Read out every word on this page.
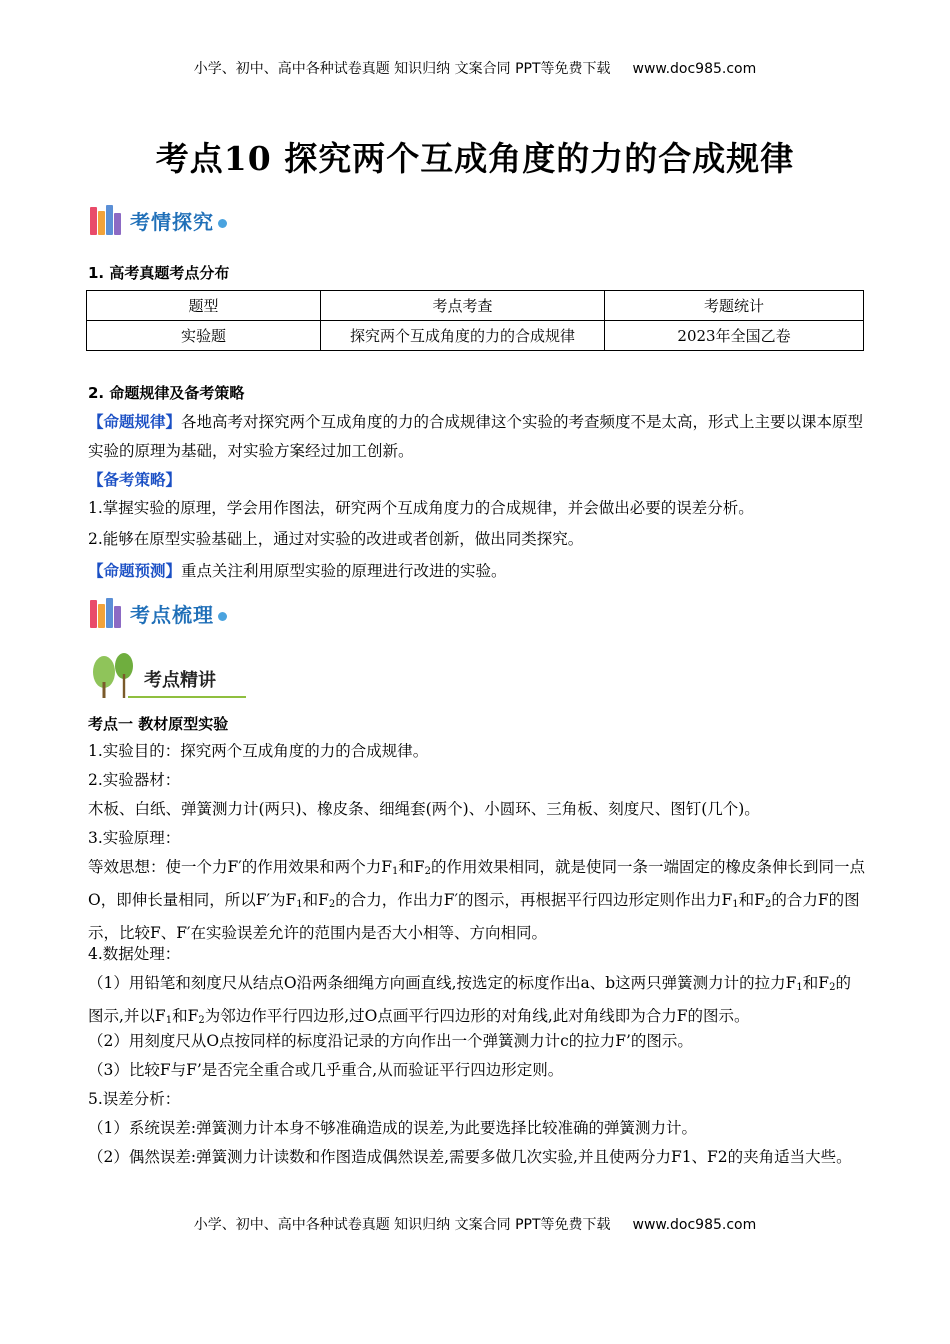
小学、初中、高中各种试卷真题 知识归纳 文案合同 PPT等免费下载 www.doc985.com
考点10 探究两个互成角度的力的合成规律
考情探究
1. 高考真题考点分布
题型	考点考查	考题统计
实验题	探究两个互成角度的力的合成规律	2023年全国乙卷
2. 命题规律及备考策略
【命题规律】各地高考对探究两个互成角度的力的合成规律这个实验的考查频度不是太高，形式上主要以课本原型实验的原理为基础，对实验方案经过加工创新。
【备考策略】
1.掌握实验的原理，学会用作图法，研究两个互成角度力的合成规律，并会做出必要的误差分析。
2.能够在原型实验基础上，通过对实验的改进或者创新，做出同类探究。
【命题预测】重点关注利用原型实验的原理进行改进的实验。
考点梳理
考点精讲
考点一 教材原型实验
1.实验目的：探究两个互成角度的力的合成规律。
2.实验器材：
木板、白纸、弹簧测力计(两只)、橡皮条、细绳套(两个)、小圆环、三角板、刻度尺、图钉(几个)。
3.实验原理：
等效思想：使一个力F′的作用效果和两个力$F_1$和$F_2$的作用效果相同，就是使同一条一端固定的橡皮条伸长到同一点O，即伸长量相同，所以F′为$F_1$和$F_2$的合力，作出力F′的图示，再根据平行四边形定则作出力$F_1$和$F_2$的合力F的图示，比较F、F′在实验误差允许的范围内是否大小相等、方向相同。
4.数据处理：
（1）用铅笔和刻度尺从结点O沿两条细绳方向画直线,按选定的标度作出a、b这两只弹簧测力计的拉力$F_1$和$F_2$的图示,并以$F_1$和$F_2$为邻边作平行四边形,过O点画平行四边形的对角线,此对角线即为合力F的图示。
（2）用刻度尺从O点按同样的标度沿记录的方向作出一个弹簧测力计c的拉力F’的图示。
（3）比较F与F’是否完全重合或几乎重合,从而验证平行四边形定则。
5.误差分析：
（1）系统误差:弹簧测力计本身不够准确造成的误差,为此要选择比较准确的弹簧测力计。
（2）偶然误差:弹簧测力计读数和作图造成偶然误差,需要多做几次实验,并且使两分力F1、F2的夹角适当大些。
小学、初中、高中各种试卷真题 知识归纳 文案合同 PPT等免费下载 www.doc985.com
